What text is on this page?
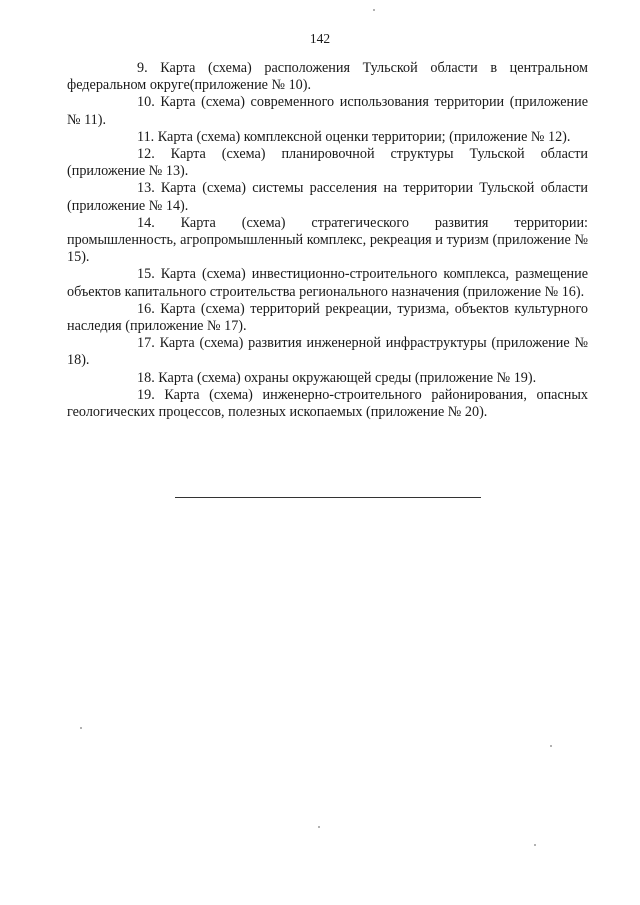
142

9. Карта (схема) расположения Тульской области в центральном федеральном округе(приложение № 10).

10. Карта (схема) современного использования территории (приложение № 11).

11. Карта (схема) комплексной оценки территории; (приложение № 12).

12. Карта (схема) планировочной структуры Тульской области (приложение № 13).

13. Карта (схема) системы расселения на территории Тульской области (приложение № 14).

14. Карта (схема) стратегического развития территории: промышленность, агропромышленный комплекс, рекреация и туризм (приложение № 15).

15. Карта (схема) инвестиционно-строительного комплекса, размещение объектов капитального строительства регионального назначения (приложение № 16).

16. Карта (схема) территорий рекреации, туризма, объектов культурного наследия (приложение № 17).

17. Карта (схема) развития инженерной инфраструктуры (приложение № 18).

18. Карта (схема) охраны окружающей среды (приложение № 19).

19. Карта (схема) инженерно-строительного районирования, опасных геологических процессов, полезных ископаемых (приложение № 20).
